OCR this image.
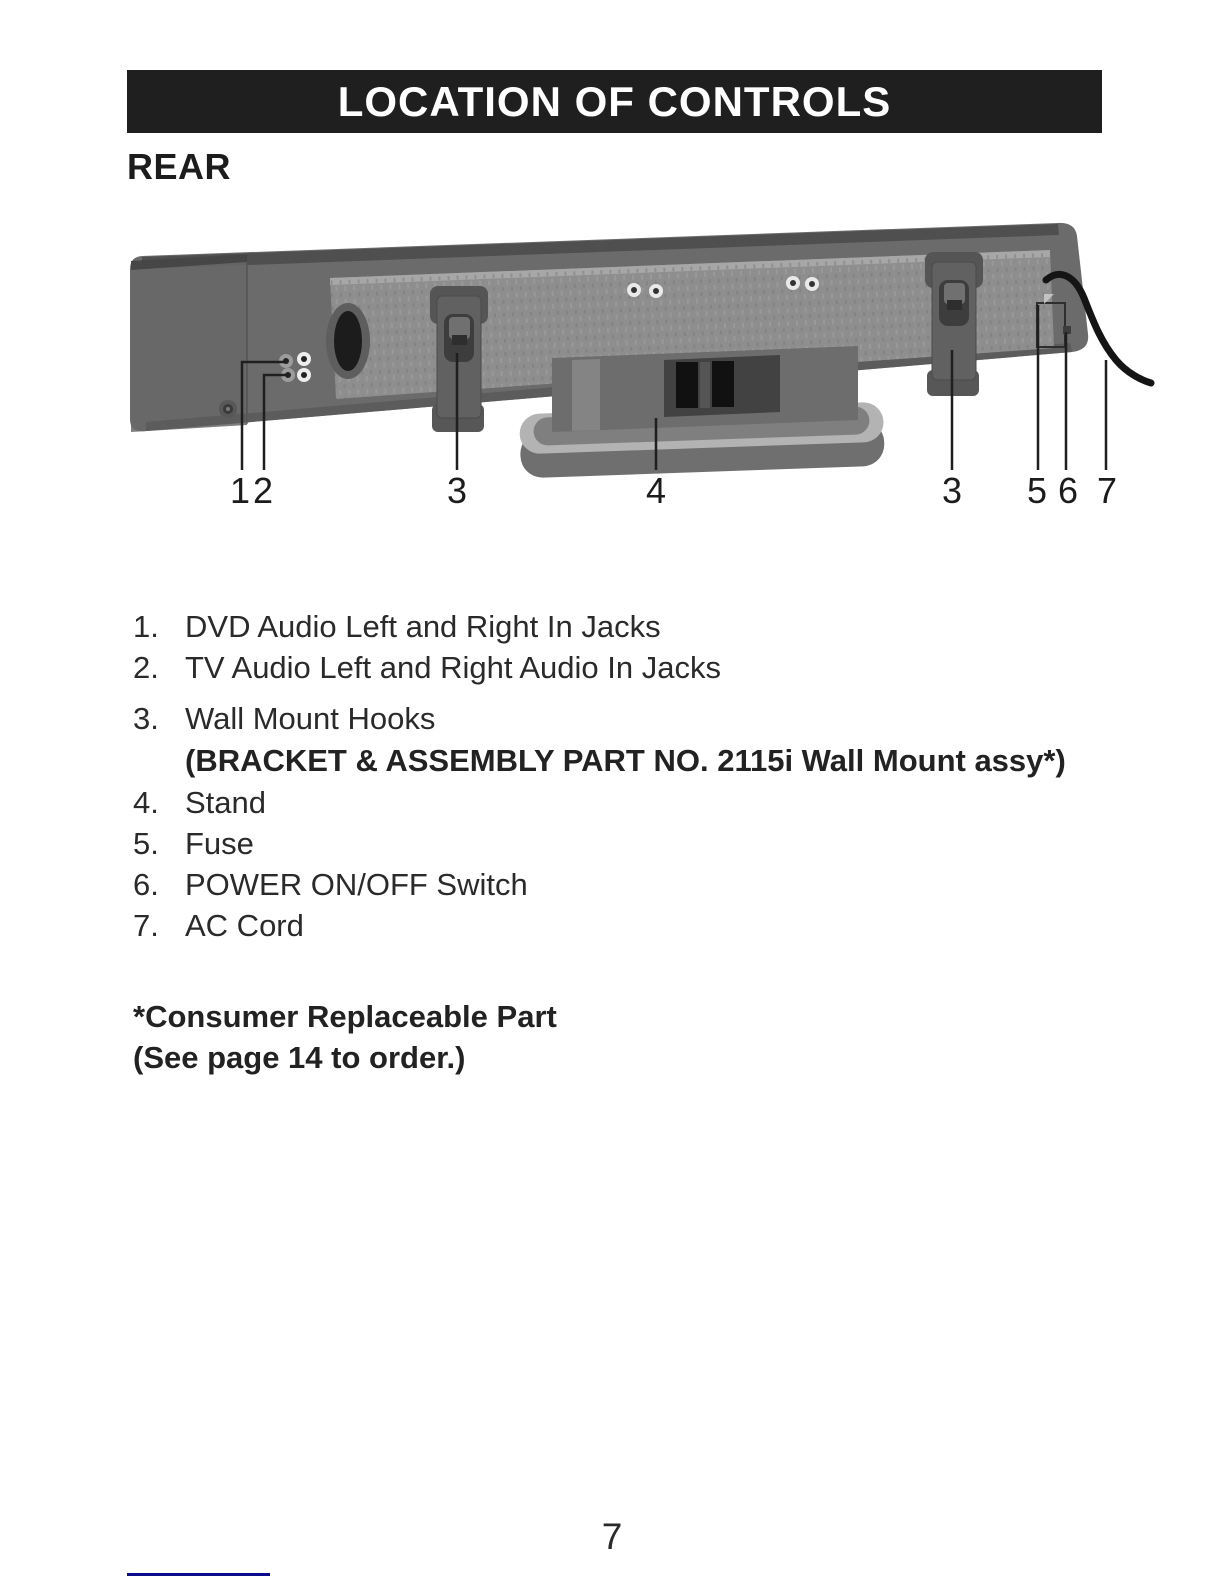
LOCATION OF CONTROLS
REAR
1 2	3	4	3 5 6 7
1. DVD Audio Left and Right In Jacks
2. TV Audio Left and Right Audio In Jacks
3. Wall Mount Hooks
(BRACKET & ASSEMBLY PART NO. 2115i Wall Mount assy*)
4. Stand
5. Fuse
6. POWER ON/OFF Switch
7. AC Cord
*Consumer Replaceable Part
(See page 14 to order.)
7
